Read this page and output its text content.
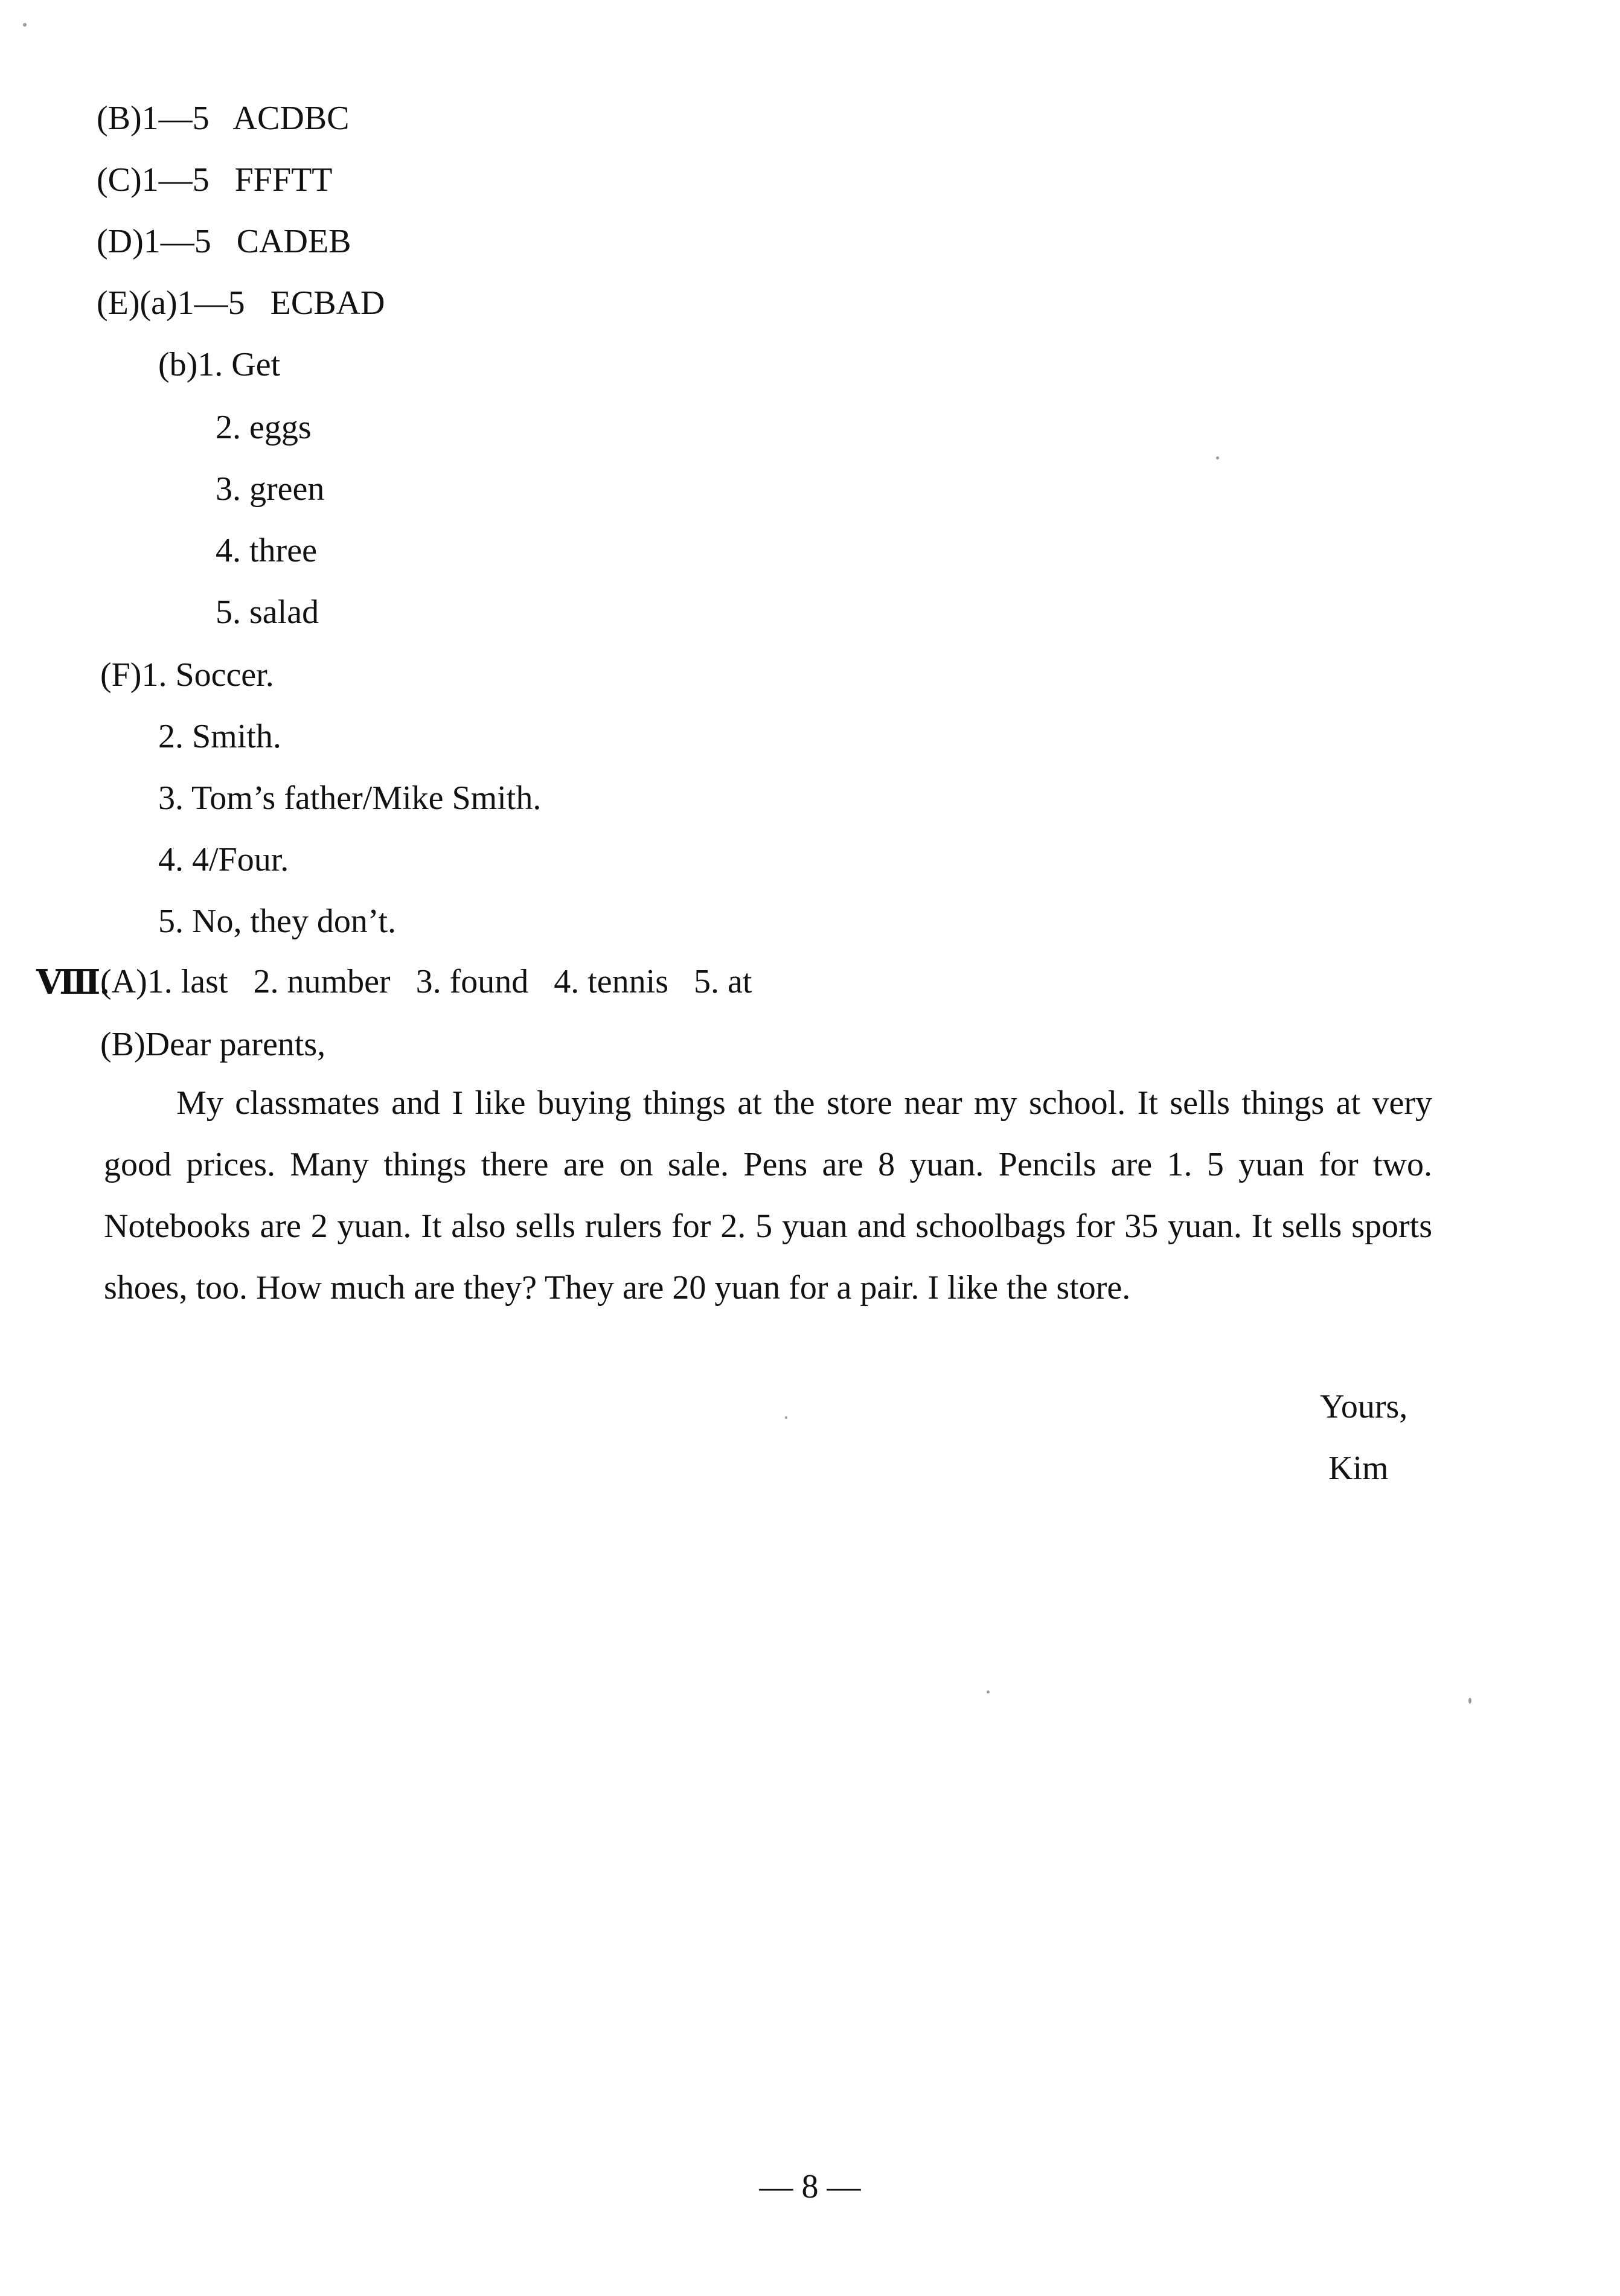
(B)1—5   ACDBC
(C)1—5   FFFTT
(D)1—5   CADEB
(E)(a)1—5   ECBAD
(b)1. Get
2. eggs
3. green
4. three
5. salad
(F)1. Soccer.
2. Smith.
3. Tom’s father/Mike Smith.
4. 4/Four.
5. No, they don’t.
Ⅷ.
(A)1. last   2. number   3. found   4. tennis   5. at
(B)Dear parents,
My classmates and I like buying things at the store near my school. It sells things at very good prices. Many things there are on sale. Pens are 8 yuan. Pencils are 1. 5 yuan for two. Notebooks are 2 yuan. It also sells rulers for 2. 5 yuan and schoolbags for 35 yuan. It sells sports shoes, too. How much are they? They are 20 yuan for a pair. I like the store.
Yours,
Kim
— 8 —
